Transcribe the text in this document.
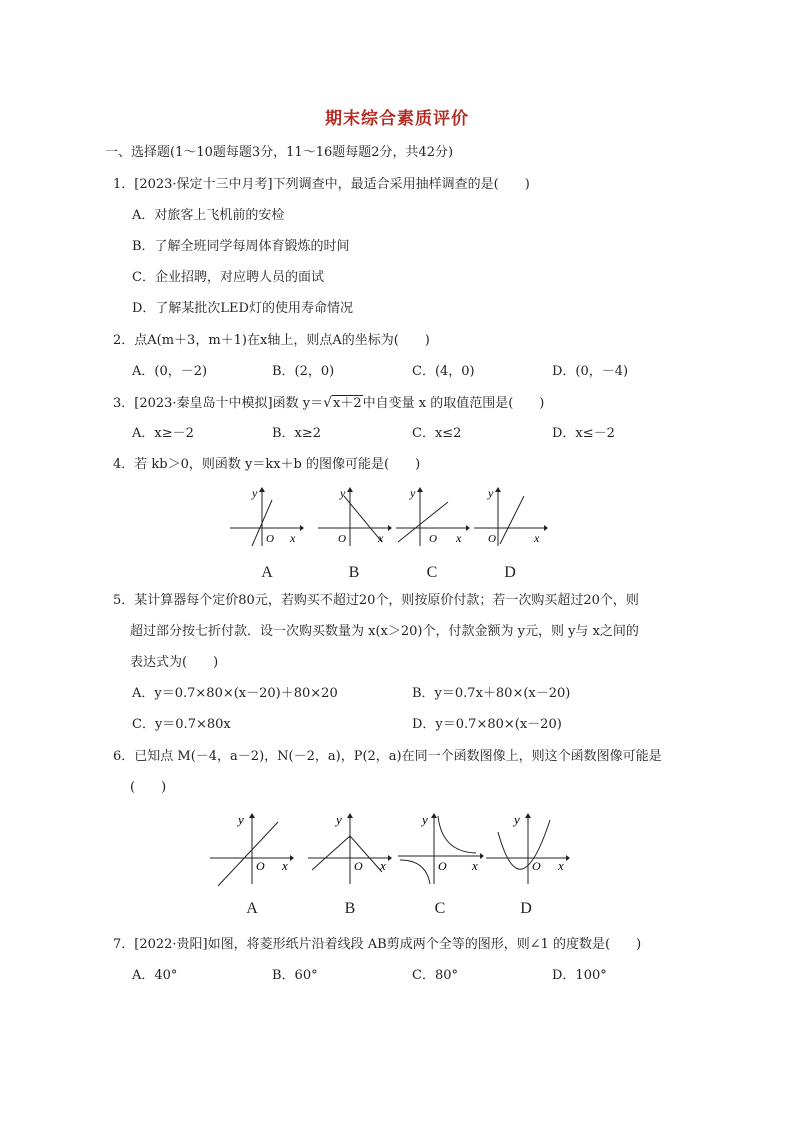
期末综合素质评价
一、选择题(1～10题每题3分，11～16题每题2分，共42分)
1．[2023·保定十三中月考]下列调查中，最适合采用抽样调查的是(　　)
A．对旅客上飞机前的安检
B．了解全班同学每周体育锻炼的时间
C．企业招聘，对应聘人员的面试
D．了解某批次LED灯的使用寿命情况
2．点A(m＋3，m＋1)在x轴上，则点A的坐标为(　　)
A．(0，－2)	B．(2，0)	C．(4，0)	D．(0，－4)
3．[2023·秦皇岛十中模拟]函数 y＝√x＋2中自变量 x 的取值范围是(　　)
A．x≥－2	B．x≥2	C．x≤2	D．x≤－2
4．若 kb＞0，则函数 y＝kx＋b 的图像可能是(　　)
O x
y
O	x
y
O x
y
O	x
y
A	B	C	D
5．某计算器每个定价80元，若购买不超过20个，则按原价付款；若一次购买超过20个，则
超过部分按七折付款．设一次购买数量为 x(x＞20)个，付款金额为 y元，则 y与 x之间的
表达式为(　　)
A．y＝0.7×80×(x－20)＋80×20	B．y＝0.7x＋80×(x－20)
C．y＝0.7×80x	D．y＝0.7×80×(x－20)
6．已知点 M(－4，a－2)，N(－2，a)，P(2，a)在同一个函数图像上，则这个函数图像可能是
(　　)
O x
y
O x
y
O x
y
O x
y
A	B	C	D
7．[2022·贵阳]如图，将菱形纸片沿着线段 AB剪成两个全等的图形，则∠1 的度数是(　　)
A．40°	B．60°	C．80°	D．100°
